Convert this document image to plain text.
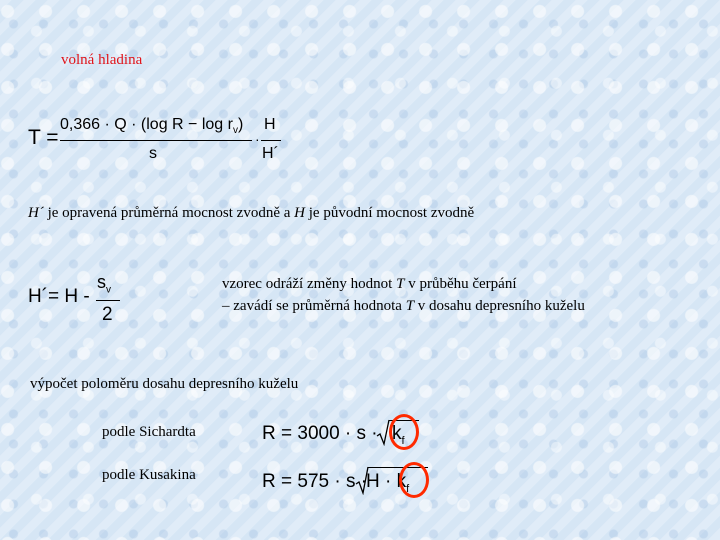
volná hladina
T =
0,366 · Q · (log $R - \log r_v$)
s
·
H
H´
H´ je opravená průměrná mocnost zvodně a H je původní mocnost zvodně
H´= H -
$s_v$
2
vzorec odráží změny hodnot T v průběhu čerpání
– zavádí se průměrná hodnota T v dosahu depresního kuželu
výpočet poloměru dosahu depresního kuželu
podle Sichardta	$R = 3000 \cdot s \cdot k_f$
podle Kusakina	R = 575 · s ·
$H \cdot k_f$
